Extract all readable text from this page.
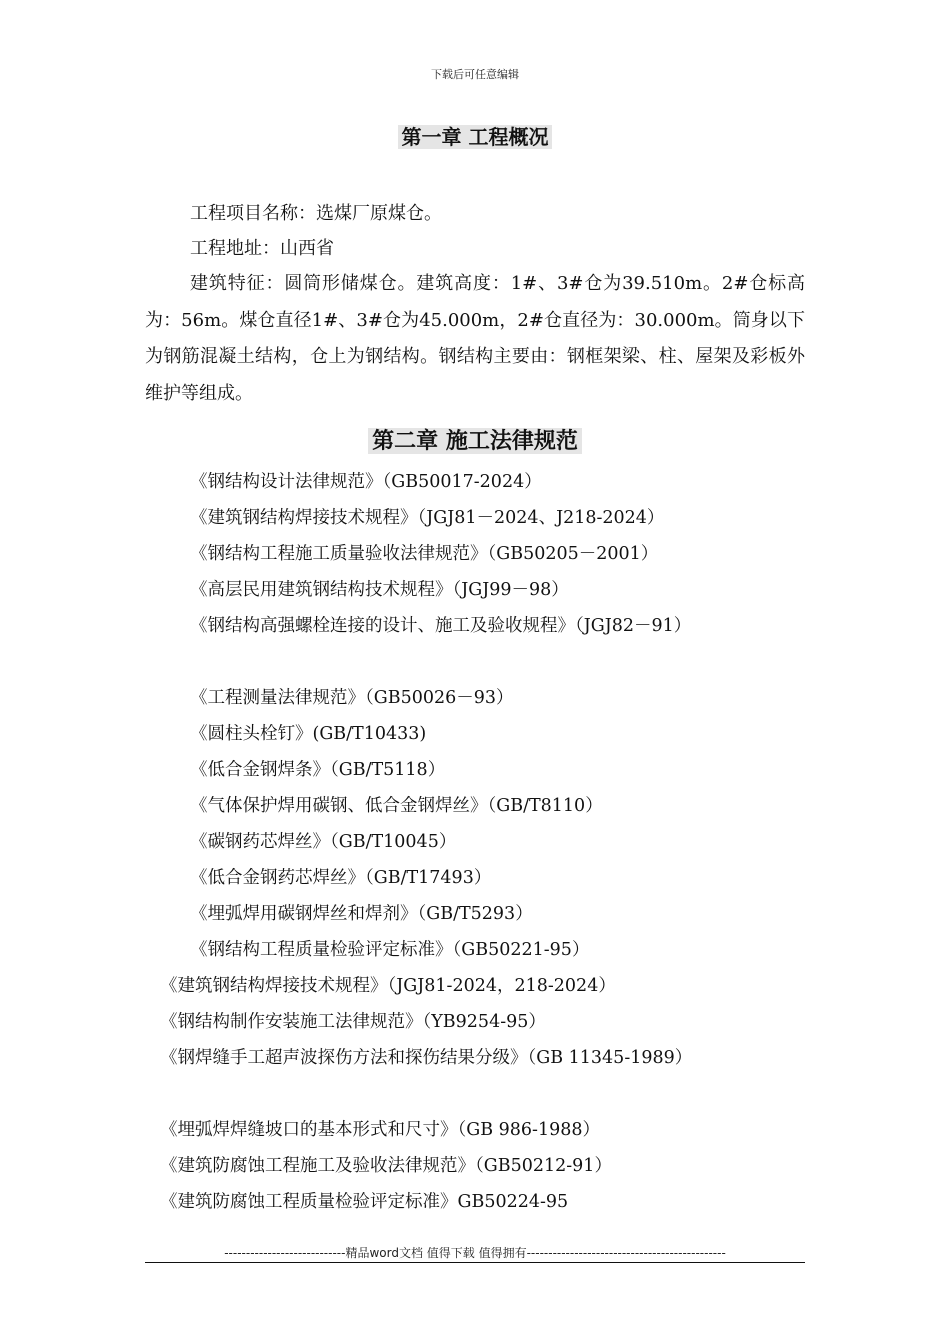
下载后可任意编辑
第一章 工程概况
工程项目名称：选煤厂原煤仓。
工程地址：山西省
建筑特征：圆筒形储煤仓。建筑高度：1#、3#仓为39.510m。2#仓标高为：56m。煤仓直径1#、3#仓为45.000m，2#仓直径为：30.000m。筒身以下为钢筋混凝土结构，仓上为钢结构。钢结构主要由：钢框架梁、柱、屋架及彩板外维护等组成。
第二章 施工法律规范
《钢结构设计法律规范》（GB50017-2024）
《建筑钢结构焊接技术规程》（JGJ81－2024、J218-2024）
《钢结构工程施工质量验收法律规范》（GB50205－2001）
《高层民用建筑钢结构技术规程》（JGJ99－98）
《钢结构高强螺栓连接的设计、施工及验收规程》（JGJ82－91）
《工程测量法律规范》（GB50026－93）
《圆柱头栓钉》(GB/T10433)
《低合金钢焊条》（GB/T5118）
《气体保护焊用碳钢、低合金钢焊丝》（GB/T8110）
《碳钢药芯焊丝》（GB/T10045）
《低合金钢药芯焊丝》（GB/T17493）
《埋弧焊用碳钢焊丝和焊剂》（GB/T5293）
《钢结构工程质量检验评定标准》（GB50221-95）
《建筑钢结构焊接技术规程》（JGJ81-2024，218-2024）
《钢结构制作安装施工法律规范》（YB9254-95）
《钢焊缝手工超声波探伤方法和探伤结果分级》（GB 11345-1989）
《埋弧焊焊缝坡口的基本形式和尺寸》（GB 986-1988）
《建筑防腐蚀工程施工及验收法律规范》（GB50212-91）
《建筑防腐蚀工程质量检验评定标准》GB50224-95
----------------------------精品word文档 值得下载 值得拥有----------------------------------------------
